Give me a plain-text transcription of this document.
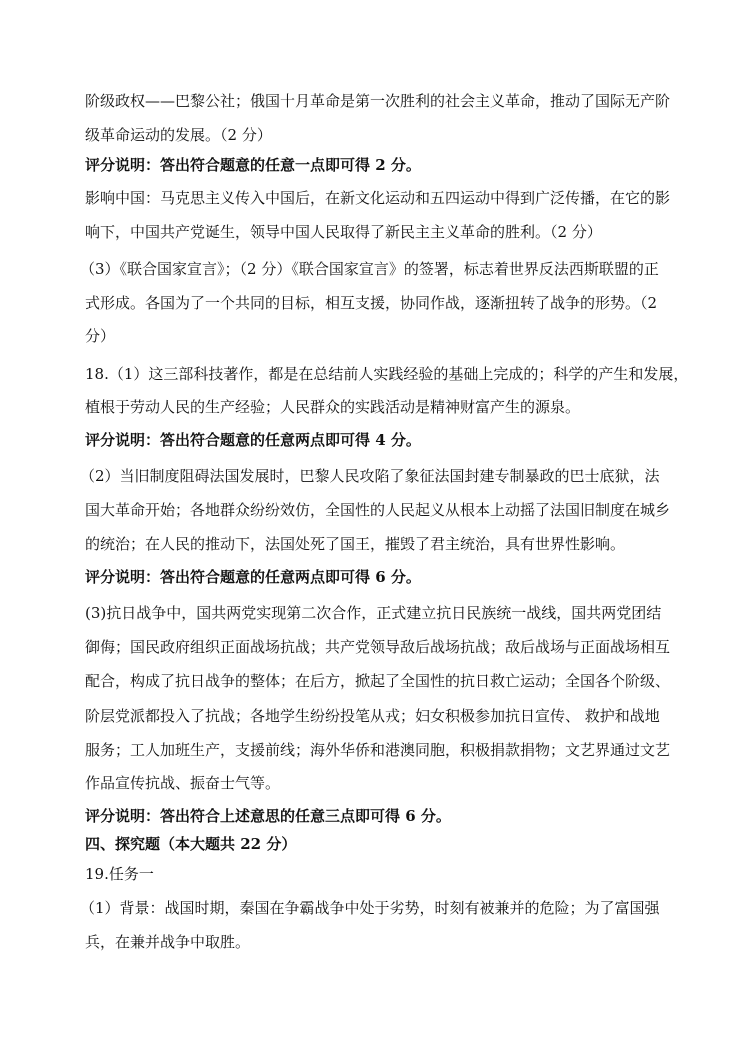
阶级政权——巴黎公社；俄国十月革命是第一次胜利的社会主义革命，推动了国际无产阶
级革命运动的发展。（2 分）
评分说明：答出符合题意的任意一点即可得 2 分。
影响中国：马克思主义传入中国后，在新文化运动和五四运动中得到广泛传播，在它的影
响下，中国共产党诞生，领导中国人民取得了新民主主义革命的胜利。（2 分）
（3）《联合国家宣言》；（2 分）《联合国家宣言》的签署，标志着世界反法西斯联盟的正
式形成。各国为了一个共同的目标，相互支援，协同作战，逐渐扭转了战争的形势。（2
分）
18.（1）这三部科技著作，都是在总结前人实践经验的基础上完成的；科学的产生和发展，
植根于劳动人民的生产经验；人民群众的实践活动是精神财富产生的源泉。
评分说明：答出符合题意的任意两点即可得 4 分。
（2）当旧制度阻碍法国发展时，巴黎人民攻陷了象征法国封建专制暴政的巴士底狱，法
国大革命开始；各地群众纷纷效仿，全国性的人民起义从根本上动摇了法国旧制度在城乡
的统治；在人民的推动下，法国处死了国王，摧毁了君主统治，具有世界性影响。
评分说明：答出符合题意的任意两点即可得 6 分。
(3)抗日战争中，国共两党实现第二次合作，正式建立抗日民族统一战线，国共两党团结
御侮；国民政府组织正面战场抗战；共产党领导敌后战场抗战；敌后战场与正面战场相互
配合，构成了抗日战争的整体；在后方，掀起了全国性的抗日救亡运动；全国各个阶级、
阶层党派都投入了抗战；各地学生纷纷投笔从戎；妇女积极参加抗日宣传、 救护和战地
服务；工人加班生产，支援前线；海外华侨和港澳同胞，积极捐款捐物；文艺界通过文艺
作品宣传抗战、振奋士气等。
评分说明：答出符合上述意思的任意三点即可得 6 分。
四、探究题（本大题共 22 分）
19.任务一
（1）背景：战国时期，秦国在争霸战争中处于劣势，时刻有被兼并的危险；为了富国强
兵，在兼并战争中取胜。
